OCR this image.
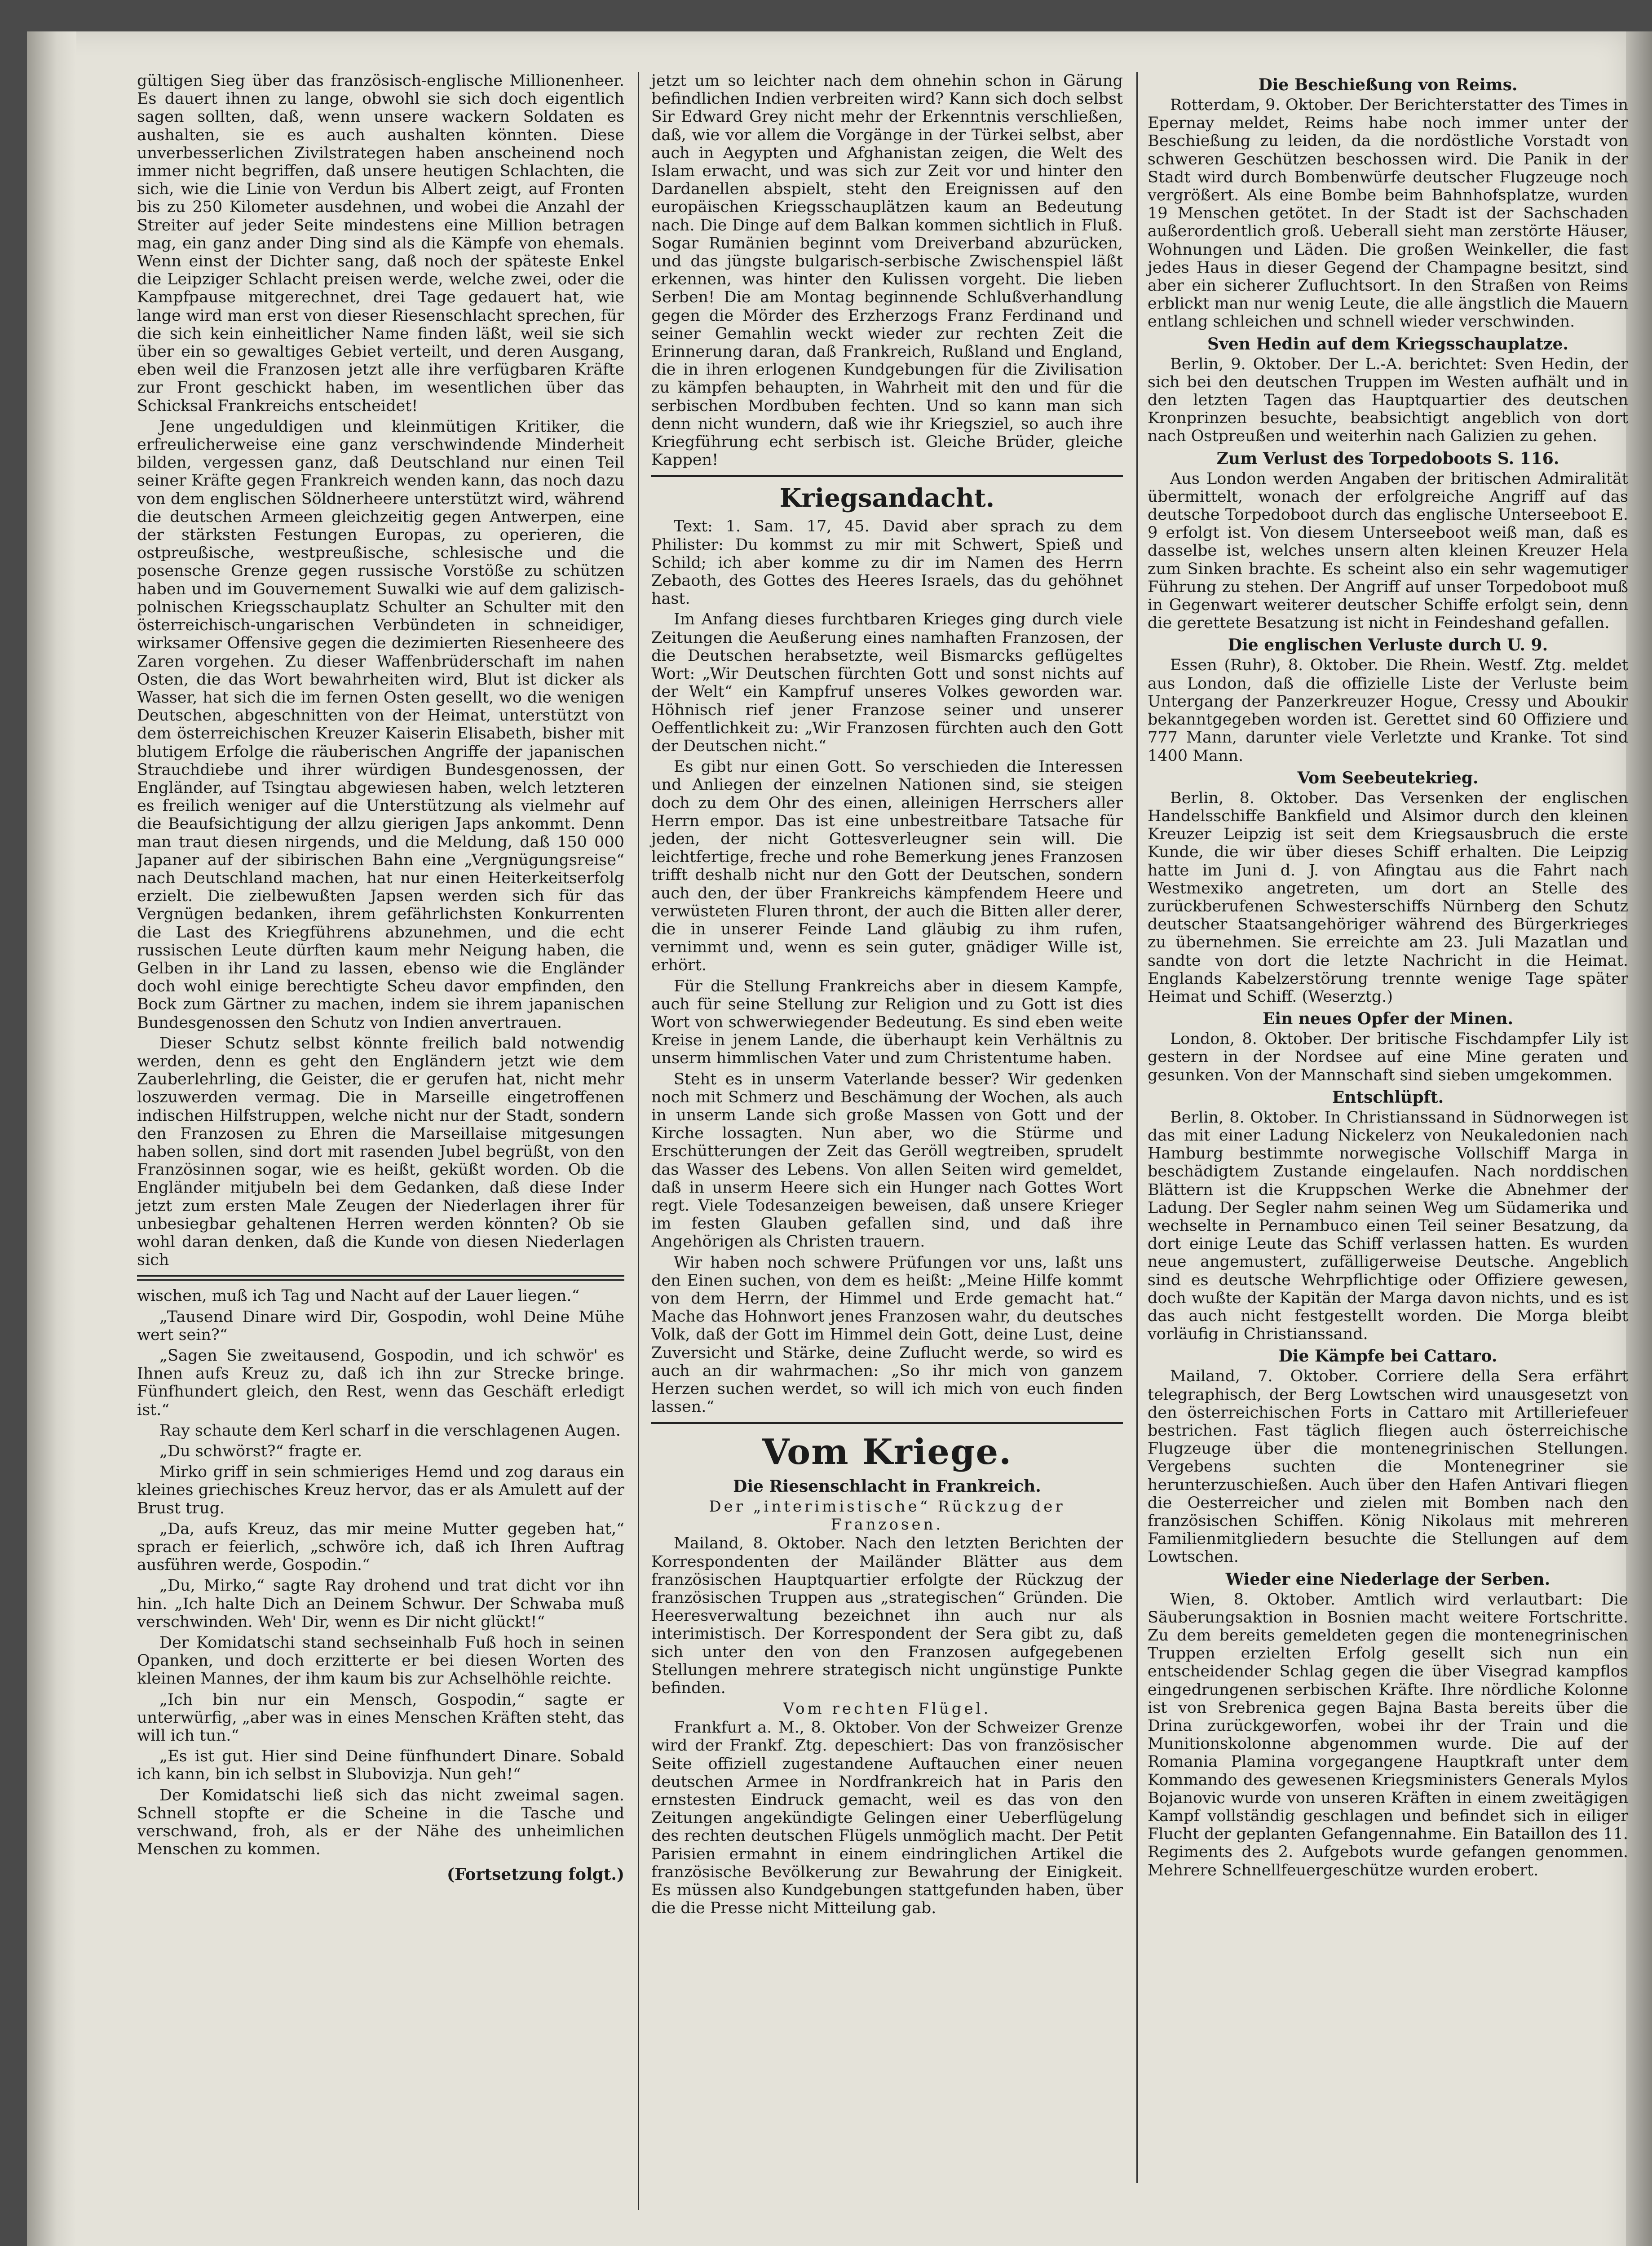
gültigen Sieg über das französisch-englische Millionenheer. Es dauert ihnen zu lange, obwohl sie sich doch eigentlich sagen sollten, daß, wenn unsere wackern Soldaten es aushalten, sie es auch aushalten könnten. Diese unverbesserlichen Zivilstrategen haben anscheinend noch immer nicht begriffen, daß unsere heutigen Schlachten, die sich, wie die Linie von Verdun bis Albert zeigt, auf Fronten bis zu 250 Kilometer ausdehnen, und wobei die Anzahl der Streiter auf jeder Seite mindestens eine Million betragen mag, ein ganz ander Ding sind als die Kämpfe von ehemals. Wenn einst der Dichter sang, daß noch der späteste Enkel die Leipziger Schlacht preisen werde, welche zwei, oder die Kampfpause mitgerechnet, drei Tage gedauert hat, wie lange wird man erst von dieser Riesenschlacht sprechen, für die sich kein einheitlicher Name finden läßt, weil sie sich über ein so gewaltiges Gebiet verteilt, und deren Ausgang, eben weil die Franzosen jetzt alle ihre verfügbaren Kräfte zur Front geschickt haben, im wesentlichen über das Schicksal Frankreichs entscheidet!

Jene ungeduldigen und kleinmütigen Kritiker, die erfreulicherweise eine ganz verschwindende Minderheit bilden, vergessen ganz, daß Deutschland nur einen Teil seiner Kräfte gegen Frankreich wenden kann, das noch dazu von dem englischen Söldnerheere unterstützt wird, während die deutschen Armeen gleichzeitig gegen Antwerpen, eine der stärksten Festungen Europas, zu operieren, die ostpreußische, westpreußische, schlesische und die posensche Grenze gegen russische Vorstöße zu schützen haben und im Gouvernement Suwalki wie auf dem galizisch-polnischen Kriegsschauplatz Schulter an Schulter mit den österreichisch-ungarischen Verbündeten in schneidiger, wirksamer Offensive gegen die dezimierten Riesenheere des Zaren vorgehen. Zu dieser Waffenbrüderschaft im nahen Osten, die das Wort bewahrheiten wird, Blut ist dicker als Wasser, hat sich die im fernen Osten gesellt, wo die wenigen Deutschen, abgeschnitten von der Heimat, unterstützt von dem österreichischen Kreuzer Kaiserin Elisabeth, bisher mit blutigem Erfolge die räuberischen Angriffe der japanischen Strauchdiebe und ihrer würdigen Bundesgenossen, der Engländer, auf Tsingtau abgewiesen haben, welch letzteren es freilich weniger auf die Unterstützung als vielmehr auf die Beaufsichtigung der allzu gierigen Japs ankommt. Denn man traut diesen nirgends, und die Meldung, daß 150 000 Japaner auf der sibirischen Bahn eine „Vergnügungsreise“ nach Deutschland machen, hat nur einen Heiterkeitserfolg erzielt. Die zielbewußten Japsen werden sich für das Vergnügen bedanken, ihrem gefährlichsten Konkurrenten die Last des Kriegführens abzunehmen, und die echt russischen Leute dürften kaum mehr Neigung haben, die Gelben in ihr Land zu lassen, ebenso wie die Engländer doch wohl einige berechtigte Scheu davor empfinden, den Bock zum Gärtner zu machen, indem sie ihrem japanischen Bundesgenossen den Schutz von Indien anvertrauen.

Dieser Schutz selbst könnte freilich bald notwendig werden, denn es geht den Engländern jetzt wie dem Zauberlehrling, die Geister, die er gerufen hat, nicht mehr loszuwerden vermag. Die in Marseille eingetroffenen indischen Hilfstruppen, welche nicht nur der Stadt, sondern den Franzosen zu Ehren die Marseillaise mitgesungen haben sollen, sind dort mit rasenden Jubel begrüßt, von den Französinnen sogar, wie es heißt, geküßt worden. Ob die Engländer mitjubeln bei dem Gedanken, daß diese Inder jetzt zum ersten Male Zeugen der Niederlagen ihrer für unbesiegbar gehaltenen Herren werden könnten? Ob sie wohl daran denken, daß die Kunde von diesen Niederlagen sich

wischen, muß ich Tag und Nacht auf der Lauer liegen.“

„Tausend Dinare wird Dir, Gospodin, wohl Deine Mühe wert sein?“

„Sagen Sie zweitausend, Gospodin, und ich schwör' es Ihnen aufs Kreuz zu, daß ich ihn zur Strecke bringe. Fünfhundert gleich, den Rest, wenn das Geschäft erledigt ist.“

Ray schaute dem Kerl scharf in die verschlagenen Augen.

„Du schwörst?“ fragte er.

Mirko griff in sein schmieriges Hemd und zog daraus ein kleines griechisches Kreuz hervor, das er als Amulett auf der Brust trug.

„Da, aufs Kreuz, das mir meine Mutter gegeben hat,“ sprach er feierlich, „schwöre ich, daß ich Ihren Auftrag ausführen werde, Gospodin.“

„Du, Mirko,“ sagte Ray drohend und trat dicht vor ihn hin. „Ich halte Dich an Deinem Schwur. Der Schwaba muß verschwinden. Weh' Dir, wenn es Dir nicht glückt!“

Der Komidatschi stand sechseinhalb Fuß hoch in seinen Opanken, und doch erzitterte er bei diesen Worten des kleinen Mannes, der ihm kaum bis zur Achselhöhle reichte.

„Ich bin nur ein Mensch, Gospodin,“ sagte er unterwürfig, „aber was in eines Menschen Kräften steht, das will ich tun.“

„Es ist gut. Hier sind Deine fünfhundert Dinare. Sobald ich kann, bin ich selbst in Slubovizja. Nun geh!“

Der Komidatschi ließ sich das nicht zweimal sagen. Schnell stopfte er die Scheine in die Tasche und verschwand, froh, als er der Nähe des unheimlichen Menschen zu kommen.

(Fortsetzung folgt.)

jetzt um so leichter nach dem ohnehin schon in Gärung befindlichen Indien verbreiten wird? Kann sich doch selbst Sir Edward Grey nicht mehr der Erkenntnis verschließen, daß, wie vor allem die Vorgänge in der Türkei selbst, aber auch in Aegypten und Afghanistan zeigen, die Welt des Islam erwacht, und was sich zur Zeit vor und hinter den Dardanellen abspielt, steht den Ereignissen auf den europäischen Kriegsschauplätzen kaum an Bedeutung nach. Die Dinge auf dem Balkan kommen sichtlich in Fluß. Sogar Rumänien beginnt vom Dreiverband abzurücken, und das jüngste bulgarisch-serbische Zwischenspiel läßt erkennen, was hinter den Kulissen vorgeht. Die lieben Serben! Die am Montag beginnende Schlußverhandlung gegen die Mörder des Erzherzogs Franz Ferdinand und seiner Gemahlin weckt wieder zur rechten Zeit die Erinnerung daran, daß Frankreich, Rußland und England, die in ihren erlogenen Kundgebungen für die Zivilisation zu kämpfen behaupten, in Wahrheit mit den und für die serbischen Mordbuben fechten. Und so kann man sich denn nicht wundern, daß wie ihr Kriegsziel, so auch ihre Kriegführung echt serbisch ist. Gleiche Brüder, gleiche Kappen!

Kriegsandacht.

Text: 1. Sam. 17, 45. David aber sprach zu dem Philister: Du kommst zu mir mit Schwert, Spieß und Schild; ich aber komme zu dir im Namen des Herrn Zebaoth, des Gottes des Heeres Israels, das du gehöhnet hast.

Im Anfang dieses furchtbaren Krieges ging durch viele Zeitungen die Aeußerung eines namhaften Franzosen, der die Deutschen herabsetzte, weil Bismarcks geflügeltes Wort: „Wir Deutschen fürchten Gott und sonst nichts auf der Welt“ ein Kampfruf unseres Volkes geworden war. Höhnisch rief jener Franzose seiner und unserer Oeffentlichkeit zu: „Wir Franzosen fürchten auch den Gott der Deutschen nicht.“

Es gibt nur einen Gott. So verschieden die Interessen und Anliegen der einzelnen Nationen sind, sie steigen doch zu dem Ohr des einen, alleinigen Herrschers aller Herrn empor. Das ist eine unbestreitbare Tatsache für jeden, der nicht Gottesverleugner sein will. Die leichtfertige, freche und rohe Bemerkung jenes Franzosen trifft deshalb nicht nur den Gott der Deutschen, sondern auch den, der über Frankreichs kämpfendem Heere und verwüsteten Fluren thront, der auch die Bitten aller derer, die in unserer Feinde Land gläubig zu ihm rufen, vernimmt und, wenn es sein guter, gnädiger Wille ist, erhört.

Für die Stellung Frankreichs aber in diesem Kampfe, auch für seine Stellung zur Religion und zu Gott ist dies Wort von schwerwiegender Bedeutung. Es sind eben weite Kreise in jenem Lande, die überhaupt kein Verhältnis zu unserm himmlischen Vater und zum Christentume haben.

Steht es in unserm Vaterlande besser? Wir gedenken noch mit Schmerz und Beschämung der Wochen, als auch in unserm Lande sich große Massen von Gott und der Kirche lossagten. Nun aber, wo die Stürme und Erschütterungen der Zeit das Geröll wegtreiben, sprudelt das Wasser des Lebens. Von allen Seiten wird gemeldet, daß in unserm Heere sich ein Hunger nach Gottes Wort regt. Viele Todesanzeigen beweisen, daß unsere Krieger im festen Glauben gefallen sind, und daß ihre Angehörigen als Christen trauern.

Wir haben noch schwere Prüfungen vor uns, laßt uns den Einen suchen, von dem es heißt: „Meine Hilfe kommt von dem Herrn, der Himmel und Erde gemacht hat.“ Mache das Hohnwort jenes Franzosen wahr, du deutsches Volk, daß der Gott im Himmel dein Gott, deine Lust, deine Zuversicht und Stärke, deine Zuflucht werde, so wird es auch an dir wahrmachen: „So ihr mich von ganzem Herzen suchen werdet, so will ich mich von euch finden lassen.“

Vom Kriege.
Die Riesenschlacht in Frankreich.
Der „interimistische“ Rückzug der Franzosen.

Mailand, 8. Oktober. Nach den letzten Berichten der Korrespondenten der Mailänder Blätter aus dem französischen Hauptquartier erfolgte der Rückzug der französischen Truppen aus „strategischen“ Gründen. Die Heeresverwaltung bezeichnet ihn auch nur als interimistisch. Der Korrespondent der Sera gibt zu, daß sich unter den von den Franzosen aufgegebenen Stellungen mehrere strategisch nicht ungünstige Punkte befinden.

Vom rechten Flügel.

Frankfurt a. M., 8. Oktober. Von der Schweizer Grenze wird der Frankf. Ztg. depeschiert: Das von französischer Seite offiziell zugestandene Auftauchen einer neuen deutschen Armee in Nordfrankreich hat in Paris den ernstesten Eindruck gemacht, weil es das von den Zeitungen angekündigte Gelingen einer Ueberflügelung des rechten deutschen Flügels unmöglich macht. Der Petit Parisien ermahnt in einem eindringlichen Artikel die französische Bevölkerung zur Bewahrung der Einigkeit. Es müssen also Kundgebungen stattgefunden haben, über die die Presse nicht Mitteilung gab.

Die Beschießung von Reims.

Rotterdam, 9. Oktober. Der Berichterstatter des Times in Epernay meldet, Reims habe noch immer unter der Beschießung zu leiden, da die nordöstliche Vorstadt von schweren Geschützen beschossen wird. Die Panik in der Stadt wird durch Bombenwürfe deutscher Flugzeuge noch vergrößert. Als eine Bombe beim Bahnhofsplatze, wurden 19 Menschen getötet. In der Stadt ist der Sachschaden außerordentlich groß. Ueberall sieht man zerstörte Häuser, Wohnungen und Läden. Die großen Weinkeller, die fast jedes Haus in dieser Gegend der Champagne besitzt, sind aber ein sicherer Zufluchtsort. In den Straßen von Reims erblickt man nur wenig Leute, die alle ängstlich die Mauern entlang schleichen und schnell wieder verschwinden.

Sven Hedin auf dem Kriegsschauplatze.

Berlin, 9. Oktober. Der L.-A. berichtet: Sven Hedin, der sich bei den deutschen Truppen im Westen aufhält und in den letzten Tagen das Hauptquartier des deutschen Kronprinzen besuchte, beabsichtigt angeblich von dort nach Ostpreußen und weiterhin nach Galizien zu gehen.

Zum Verlust des Torpedoboots S. 116.

Aus London werden Angaben der britischen Admiralität übermittelt, wonach der erfolgreiche Angriff auf das deutsche Torpedoboot durch das englische Unterseeboot E. 9 erfolgt ist. Von diesem Unterseeboot weiß man, daß es dasselbe ist, welches unsern alten kleinen Kreuzer Hela zum Sinken brachte. Es scheint also ein sehr wagemutiger Führung zu stehen. Der Angriff auf unser Torpedoboot muß in Gegenwart weiterer deutscher Schiffe erfolgt sein, denn die gerettete Besatzung ist nicht in Feindeshand gefallen.

Die englischen Verluste durch U. 9.

Essen (Ruhr), 8. Oktober. Die Rhein. Westf. Ztg. meldet aus London, daß die offizielle Liste der Verluste beim Untergang der Panzerkreuzer Hogue, Cressy und Aboukir bekanntgegeben worden ist. Gerettet sind 60 Offiziere und 777 Mann, darunter viele Verletzte und Kranke. Tot sind 1400 Mann.

Vom Seebeutekrieg.

Berlin, 8. Oktober. Das Versenken der englischen Handelsschiffe Bankfield und Alsimor durch den kleinen Kreuzer Leipzig ist seit dem Kriegsausbruch die erste Kunde, die wir über dieses Schiff erhalten. Die Leipzig hatte im Juni d. J. von Afingtau aus die Fahrt nach Westmexiko angetreten, um dort an Stelle des zurückberufenen Schwesterschiffs Nürnberg den Schutz deutscher Staatsangehöriger während des Bürgerkrieges zu übernehmen. Sie erreichte am 23. Juli Mazatlan und sandte von dort die letzte Nachricht in die Heimat. Englands Kabelzerstörung trennte wenige Tage später Heimat und Schiff. (Weserztg.)

Ein neues Opfer der Minen.

London, 8. Oktober. Der britische Fischdampfer Lily ist gestern in der Nordsee auf eine Mine geraten und gesunken. Von der Mannschaft sind sieben umgekommen.

Entschlüpft.

Berlin, 8. Oktober. In Christianssand in Südnorwegen ist das mit einer Ladung Nickelerz von Neukaledonien nach Hamburg bestimmte norwegische Vollschiff Marga in beschädigtem Zustande eingelaufen. Nach norddischen Blättern ist die Kruppschen Werke die Abnehmer der Ladung. Der Segler nahm seinen Weg um Südamerika und wechselte in Pernambuco einen Teil seiner Besatzung, da dort einige Leute das Schiff verlassen hatten. Es wurden neue angemustert, zufälligerweise Deutsche. Angeblich sind es deutsche Wehrpflichtige oder Offiziere gewesen, doch wußte der Kapitän der Marga davon nichts, und es ist das auch nicht festgestellt worden. Die Morga bleibt vorläufig in Christianssand.

Die Kämpfe bei Cattaro.

Mailand, 7. Oktober. Corriere della Sera erfährt telegraphisch, der Berg Lowtschen wird unausgesetzt von den österreichischen Forts in Cattaro mit Artilleriefeuer bestrichen. Fast täglich fliegen auch österreichische Flugzeuge über die montenegrinischen Stellungen. Vergebens suchten die Montenegriner sie herunterzuschießen. Auch über den Hafen Antivari fliegen die Oesterreicher und zielen mit Bomben nach den französischen Schiffen. König Nikolaus mit mehreren Familienmitgliedern besuchte die Stellungen auf dem Lowtschen.

Wieder eine Niederlage der Serben.

Wien, 8. Oktober. Amtlich wird verlautbart: Die Säuberungsaktion in Bosnien macht weitere Fortschritte. Zu dem bereits gemeldeten gegen die montenegrinischen Truppen erzielten Erfolg gesellt sich nun ein entscheidender Schlag gegen die über Visegrad kampflos eingedrungenen serbischen Kräfte. Ihre nördliche Kolonne ist von Srebrenica gegen Bajna Basta bereits über die Drina zurückgeworfen, wobei ihr der Train und die Munitionskolonne abgenommen wurde. Die auf der Romania Plamina vorgegangene Hauptkraft unter dem Kommando des gewesenen Kriegsministers Generals Mylos Bojanovic wurde von unseren Kräften in einem zweitägigen Kampf vollständig geschlagen und befindet sich in eiliger Flucht der geplanten Gefangennahme. Ein Bataillon des 11. Regiments des 2. Aufgebots wurde gefangen genommen. Mehrere Schnellfeuergeschütze wurden erobert.
